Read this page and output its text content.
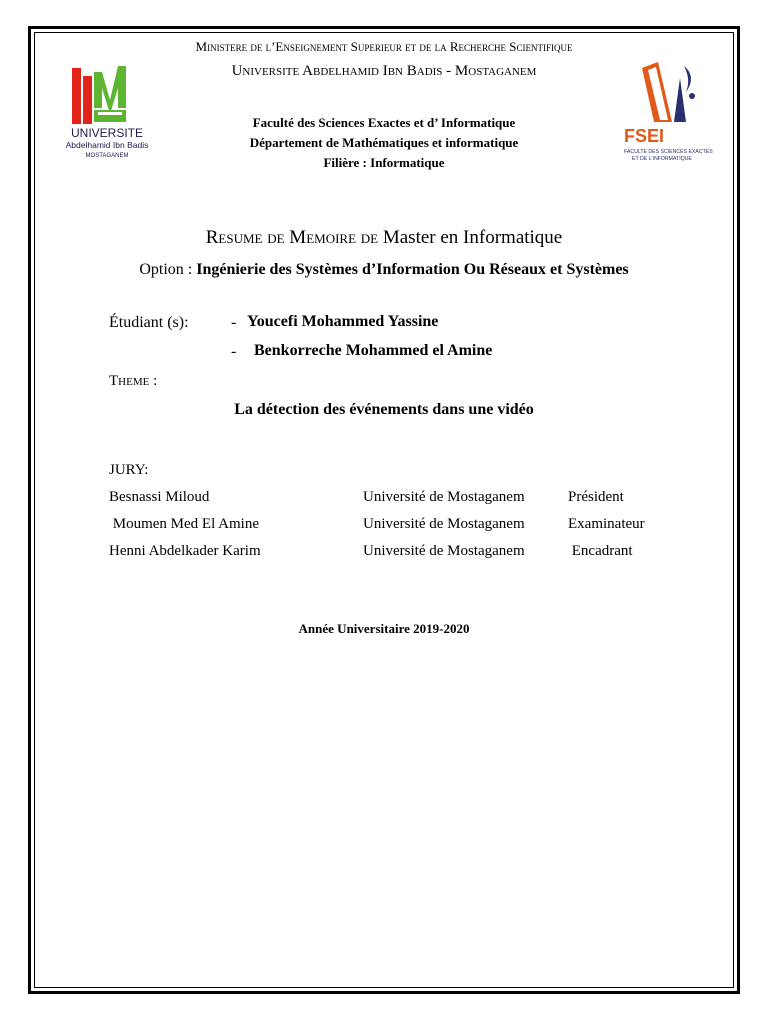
Ministere de l’Enseignement Superieur et de la Recherche Scientifique
Universite Abdelhamid Ibn Badis - Mostaganem
Faculté des Sciences Exactes et d’ Informatique
Département de Mathématiques et informatique
Filière : Informatique
UNIVERSITE
Abdelhamid Ibn Badis
MOSTAGANEM
FSEI
FACULTE DES SCIENCES EXACTES
ET DE L'INFORMATIQUE
Resume de Memoire de Master en Informatique
Option : Ingénierie des Systèmes d’Information Ou Réseaux et Systèmes
Étudiant (s):	- Youcefi Mohammed Yassine
- Benkorreche Mohammed el Amine
Theme :
La détection des événements dans une vidéo
JURY:
Besnassi Miloud	Université de Mostaganem	Président
Moumen Med El Amine	Université de Mostaganem	Examinateur
Henni Abdelkader Karim	Université de Mostaganem	Encadrant
Année Universitaire 2019-2020
